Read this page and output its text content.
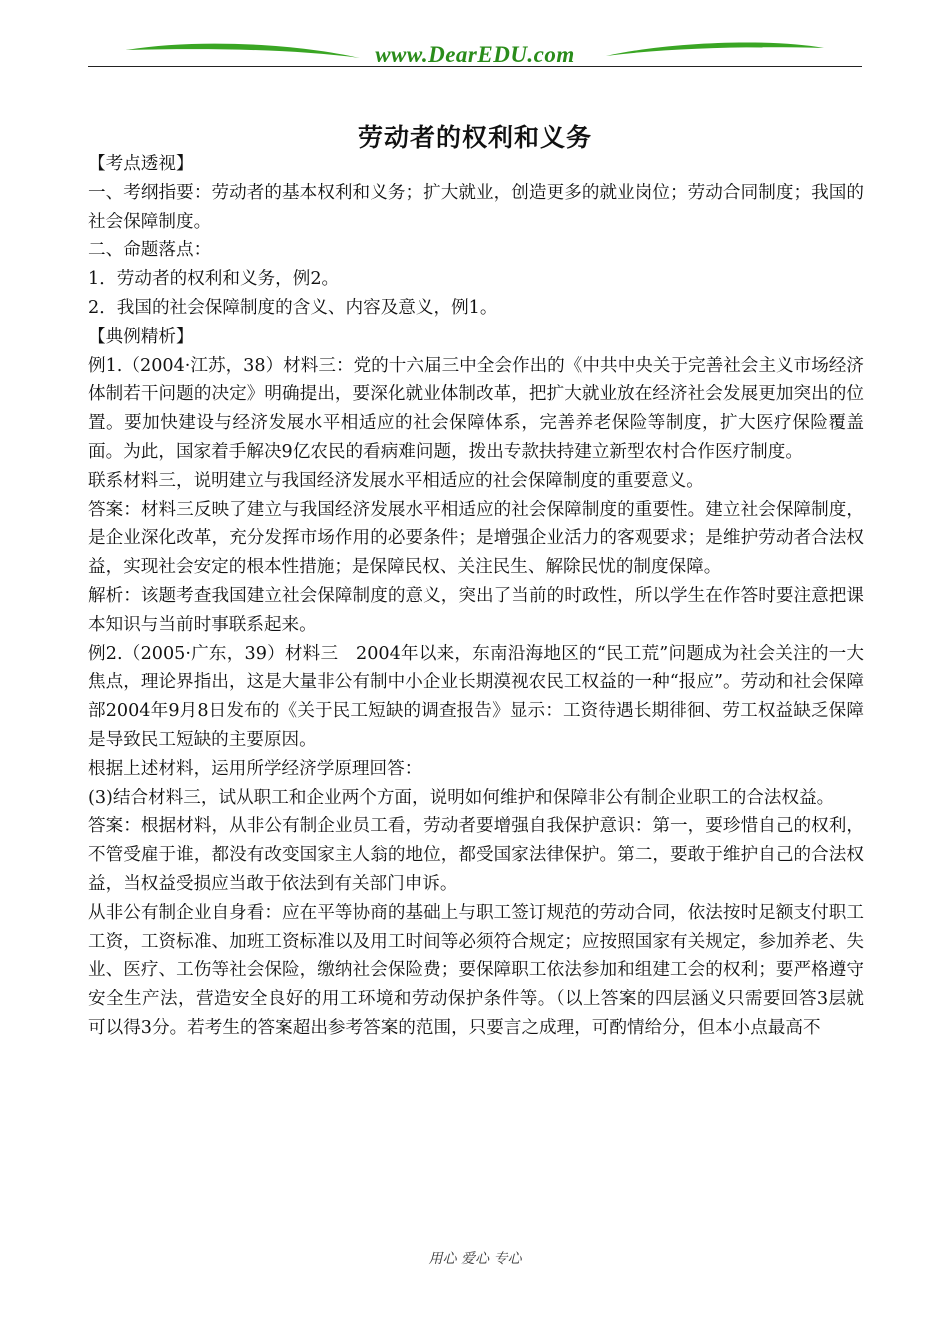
www.DearEDU.com
劳动者的权利和义务

【考点透视】

一、考纲指要：劳动者的基本权利和义务；扩大就业，创造更多的就业岗位；劳动合同制度；我国的社会保障制度。

二、命题落点：

1．劳动者的权利和义务，例2。

2．我国的社会保障制度的含义、内容及意义，例1。

【典例精析】

例1.（2004·江苏，38）材料三：党的十六届三中全会作出的《中共中央关于完善社会主义市场经济体制若干问题的决定》明确提出，要深化就业体制改革，把扩大就业放在经济社会发展更加突出的位置。要加快建设与经济发展水平相适应的社会保障体系，完善养老保险等制度，扩大医疗保险覆盖面。为此，国家着手解决9亿农民的看病难问题，拨出专款扶持建立新型农村合作医疗制度。

联系材料三，说明建立与我国经济发展水平相适应的社会保障制度的重要意义。

答案：材料三反映了建立与我国经济发展水平相适应的社会保障制度的重要性。建立社会保障制度，是企业深化改革，充分发挥市场作用的必要条件；是增强企业活力的客观要求；是维护劳动者合法权益，实现社会安定的根本性措施；是保障民权、关注民生、解除民忧的制度保障。

解析：该题考查我国建立社会保障制度的意义，突出了当前的时政性，所以学生在作答时要注意把课本知识与当前时事联系起来。

例2.（2005·广东，39）材料三　2004年以来，东南沿海地区的“民工荒”问题成为社会关注的一大焦点，理论界指出，这是大量非公有制中小企业长期漠视农民工权益的一种“报应”。劳动和社会保障部2004年9月8日发布的《关于民工短缺的调查报告》显示：工资待遇长期徘徊、劳工权益缺乏保障是导致民工短缺的主要原因。

根据上述材料，运用所学经济学原理回答：

(3)结合材料三，试从职工和企业两个方面，说明如何维护和保障非公有制企业职工的合法权益。

答案：根据材料，从非公有制企业员工看，劳动者要增强自我保护意识：第一，要珍惜自己的权利，不管受雇于谁，都没有改变国家主人翁的地位，都受国家法律保护。第二，要敢于维护自己的合法权益，当权益受损应当敢于依法到有关部门申诉。

从非公有制企业自身看：应在平等协商的基础上与职工签订规范的劳动合同，依法按时足额支付职工工资，工资标准、加班工资标准以及用工时间等必须符合规定；应按照国家有关规定，参加养老、失业、医疗、工伤等社会保险，缴纳社会保险费；要保障职工依法参加和组建工会的权利；要严格遵守安全生产法，营造安全良好的用工环境和劳动保护条件等。（以上答案的四层涵义只需要回答3层就可以得3分。若考生的答案超出参考答案的范围，只要言之成理，可酌情给分，但本小点最高不

用心 爱心 专心
